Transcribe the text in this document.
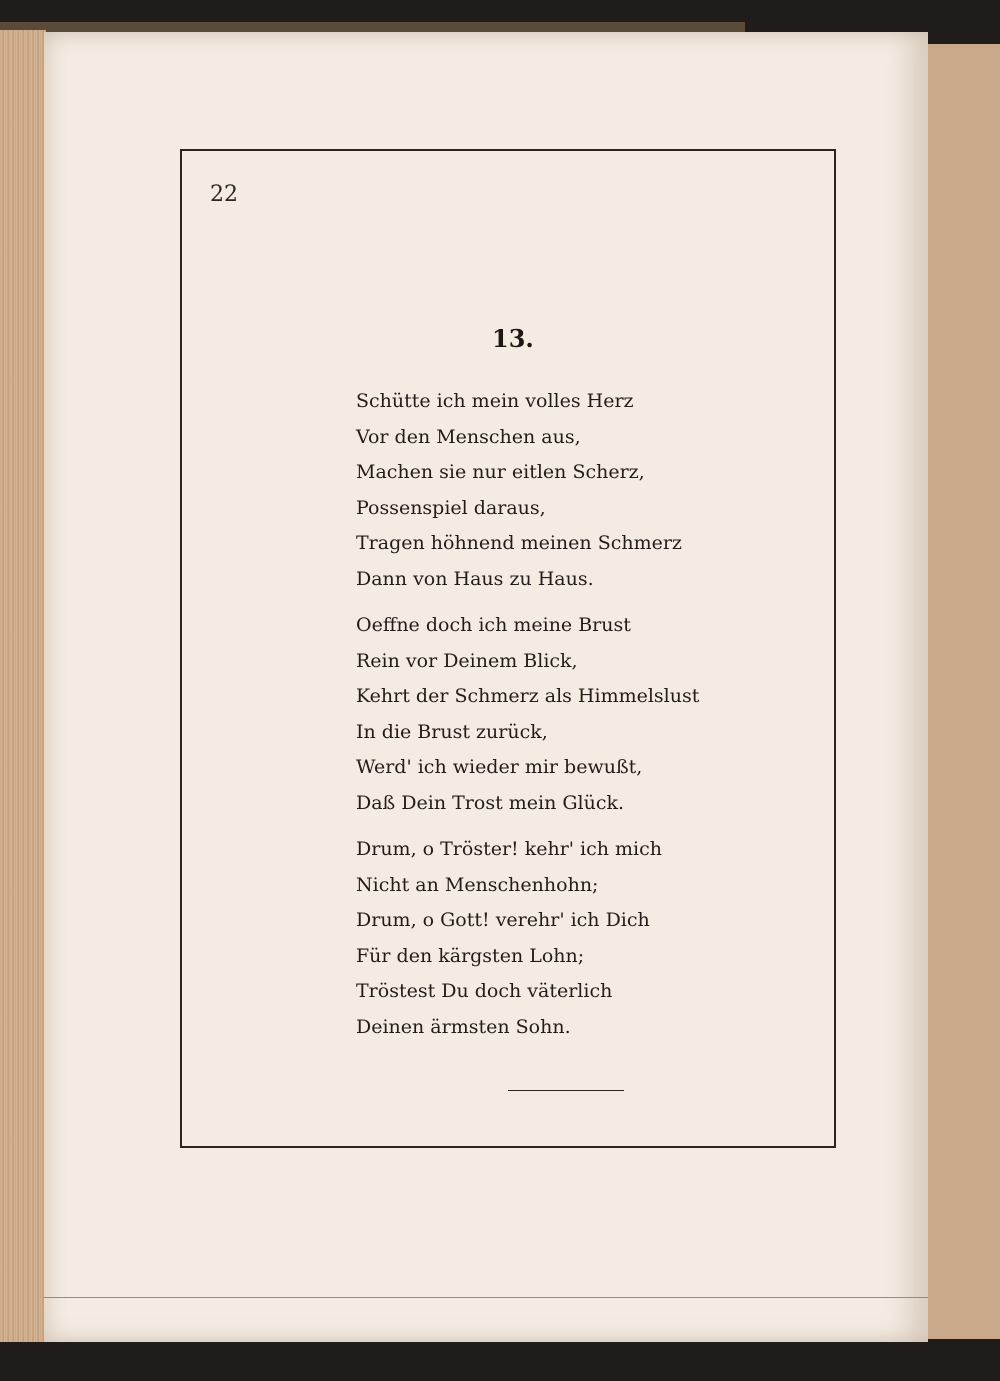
22
13.
Schütte ich mein volles Herz
Vor den Menschen aus,
Machen sie nur eitlen Scherz,
Possenspiel daraus,
Tragen höhnend meinen Schmerz
Dann von Haus zu Haus.
Oeffne doch ich meine Brust
Rein vor Deinem Blick,
Kehrt der Schmerz als Himmelslust
In die Brust zurück,
Werd' ich wieder mir bewußt,
Daß Dein Trost mein Glück.
Drum, o Tröster! kehr' ich mich
Nicht an Menschenhohn;
Drum, o Gott! verehr' ich Dich
Für den kärgsten Lohn;
Tröstest Du doch väterlich
Deinen ärmsten Sohn.
